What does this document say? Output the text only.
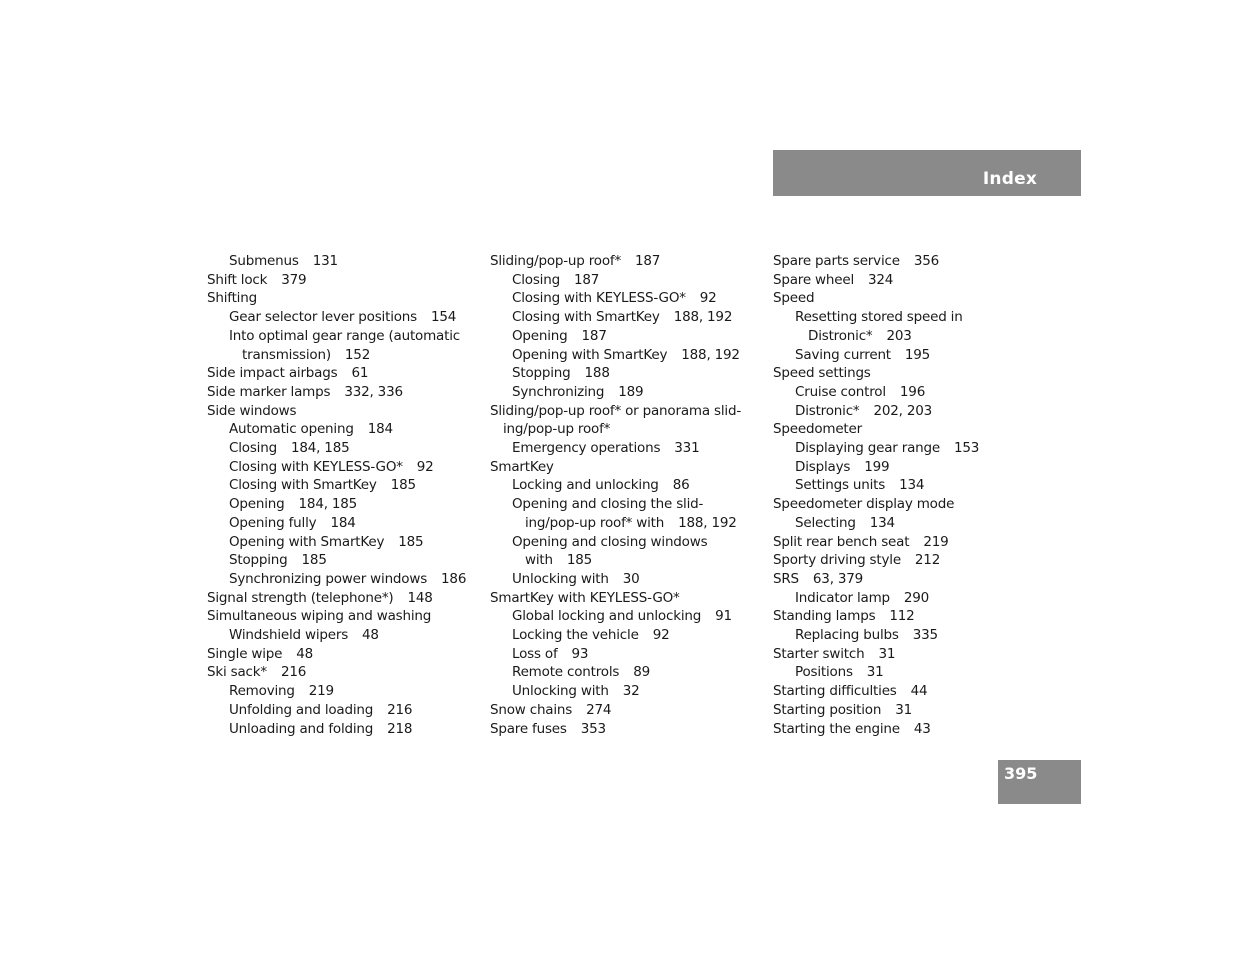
Index
Submenus 131
Shift lock 379
Shifting
Gear selector lever positions 154
Into optimal gear range (automatic
transmission) 152
Side impact airbags 61
Side marker lamps 332, 336
Side windows
Automatic opening 184
Closing 184, 185
Closing with KEYLESS-GO* 92
Closing with SmartKey 185
Opening 184, 185
Opening fully 184
Opening with SmartKey 185
Stopping 185
Synchronizing power windows 186
Signal strength (telephone*) 148
Simultaneous wiping and washing
Windshield wipers 48
Single wipe 48
Ski sack* 216
Removing 219
Unfolding and loading 216
Unloading and folding 218
Sliding/pop-up roof* 187
Closing 187
Closing with KEYLESS-GO* 92
Closing with SmartKey 188, 192
Opening 187
Opening with SmartKey 188, 192
Stopping 188
Synchronizing 189
Sliding/pop-up roof* or panorama slid-
ing/pop-up roof*
Emergency operations 331
SmartKey
Locking and unlocking 86
Opening and closing the slid-
ing/pop-up roof* with 188, 192
Opening and closing windows
with 185
Unlocking with 30
SmartKey with KEYLESS-GO*
Global locking and unlocking 91
Locking the vehicle 92
Loss of 93
Remote controls 89
Unlocking with 32
Snow chains 274
Spare fuses 353
Spare parts service 356
Spare wheel 324
Speed
Resetting stored speed in
Distronic* 203
Saving current 195
Speed settings
Cruise control 196
Distronic* 202, 203
Speedometer
Displaying gear range 153
Displays 199
Settings units 134
Speedometer display mode
Selecting 134
Split rear bench seat 219
Sporty driving style 212
SRS 63, 379
Indicator lamp 290
Standing lamps 112
Replacing bulbs 335
Starter switch 31
Positions 31
Starting difficulties 44
Starting position 31
Starting the engine 43
395
